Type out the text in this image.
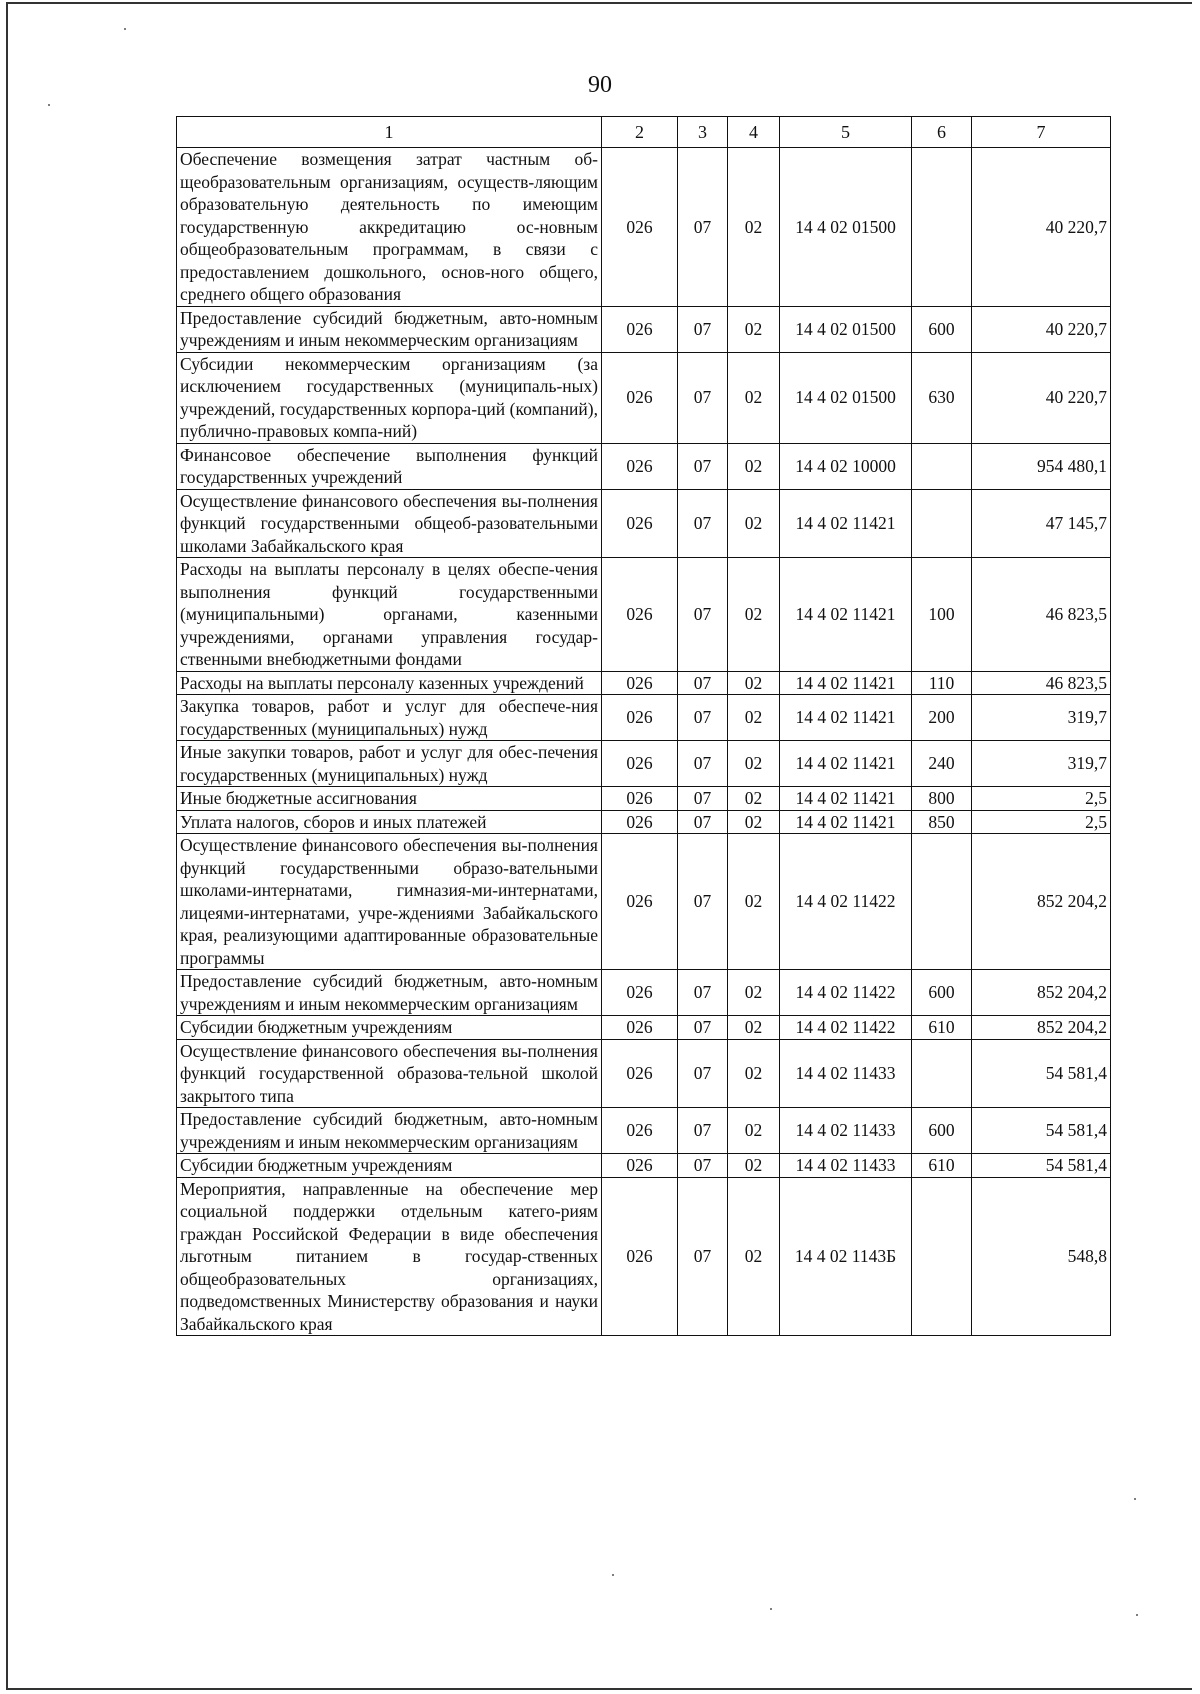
90
1	2	3	4	5	6	7
Обеспечение возмещения затрат частным об-щеобразовательным организациям, осуществ-ляющим образовательную деятельность по имеющим государственную аккредитацию ос-новным общеобразовательным программам, в связи с предоставлением дошкольного, основ-ного общего, среднего общего образования	026	07	02	14 4 02 01500		40 220,7
Предоставление субсидий бюджетным, авто-номным учреждениям и иным некоммерческим организациям	026	07	02	14 4 02 01500	600	40 220,7
Субсидии некоммерческим организациям (за исключением государственных (муниципаль-ных) учреждений, государственных корпора-ций (компаний), публично-правовых компа-ний)	026	07	02	14 4 02 01500	630	40 220,7
Финансовое обеспечение выполнения функций государственных учреждений	026	07	02	14 4 02 10000		954 480,1
Осуществление финансового обеспечения вы-полнения функций государственными общеоб-разовательными школами Забайкальского края	026	07	02	14 4 02 11421		47 145,7
Расходы на выплаты персоналу в целях обеспе-чения выполнения функций государственными (муниципальными) органами, казенными учреждениями, органами управления государ-ственными внебюджетными фондами	026	07	02	14 4 02 11421	100	46 823,5
Расходы на выплаты персоналу казенных учреждений	026	07	02	14 4 02 11421	110	46 823,5
Закупка товаров, работ и услуг для обеспече-ния государственных (муниципальных) нужд	026	07	02	14 4 02 11421	200	319,7
Иные закупки товаров, работ и услуг для обес-печения государственных (муниципальных) нужд	026	07	02	14 4 02 11421	240	319,7
Иные бюджетные ассигнования	026	07	02	14 4 02 11421	800	2,5
Уплата налогов, сборов и иных платежей	026	07	02	14 4 02 11421	850	2,5
Осуществление финансового обеспечения вы-полнения функций государственными образо-вательными школами-интернатами, гимназия-ми-интернатами, лицеями-интернатами, учре-ждениями Забайкальского края, реализующими адаптированные образовательные программы	026	07	02	14 4 02 11422		852 204,2
Предоставление субсидий бюджетным, авто-номным учреждениям и иным некоммерческим организациям	026	07	02	14 4 02 11422	600	852 204,2
Субсидии бюджетным учреждениям	026	07	02	14 4 02 11422	610	852 204,2
Осуществление финансового обеспечения вы-полнения функций государственной образова-тельной школой закрытого типа	026	07	02	14 4 02 11433		54 581,4
Предоставление субсидий бюджетным, авто-номным учреждениям и иным некоммерческим организациям	026	07	02	14 4 02 11433	600	54 581,4
Субсидии бюджетным учреждениям	026	07	02	14 4 02 11433	610	54 581,4
Мероприятия, направленные на обеспечение мер социальной поддержки отдельным катего-риям граждан Российской Федерации в виде обеспечения льготным питанием в государ-ственных общеобразовательных организациях, подведомственных Министерству образования и науки Забайкальского края	026	07	02	14 4 02 1143Б		548,8
